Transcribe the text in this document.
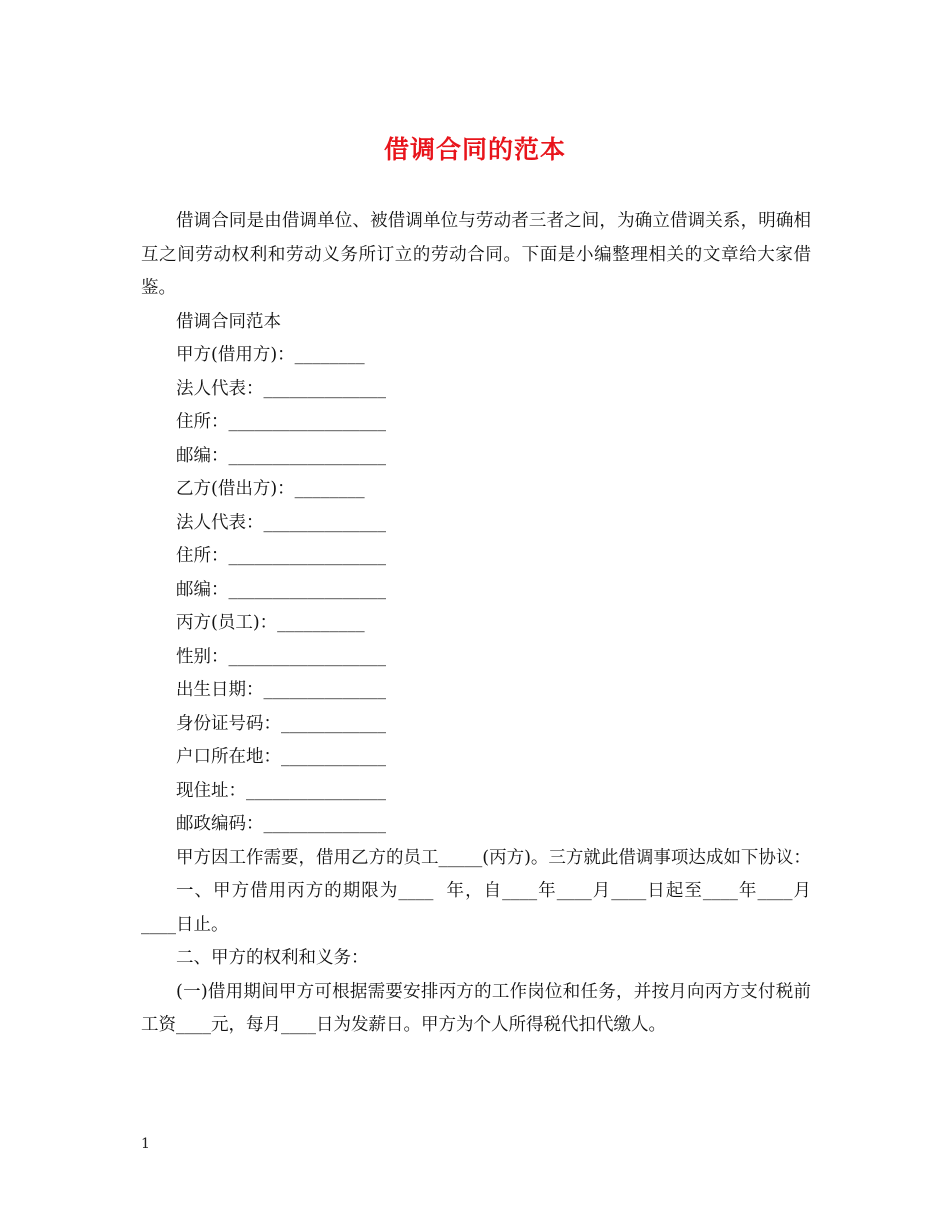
借调合同的范本

借调合同是由借调单位、被借调单位与劳动者三者之间，为确立借调关系，明确相互之间劳动权利和劳动义务所订立的劳动合同。下面是小编整理相关的文章给大家借鉴。

借调合同范本

甲方(借用方)：________

法人代表：______________

住所：__________________

邮编：__________________

乙方(借出方)：________

法人代表：______________

住所：__________________

邮编：__________________

丙方(员工)：__________

性别：__________________

出生日期：______________

身份证号码：____________

户口所在地：____________

现住址：________________

邮政编码：______________

甲方因工作需要，借用乙方的员工_____(丙方)。三方就此借调事项达成如下协议：

一、甲方借用丙方的期限为____  年，自____年____月____日起至____年____月____日止。

二、甲方的权利和义务：

(一)借用期间甲方可根据需要安排丙方的工作岗位和任务，并按月向丙方支付税前工资____元，每月____日为发薪日。甲方为个人所得税代扣代缴人。

1
